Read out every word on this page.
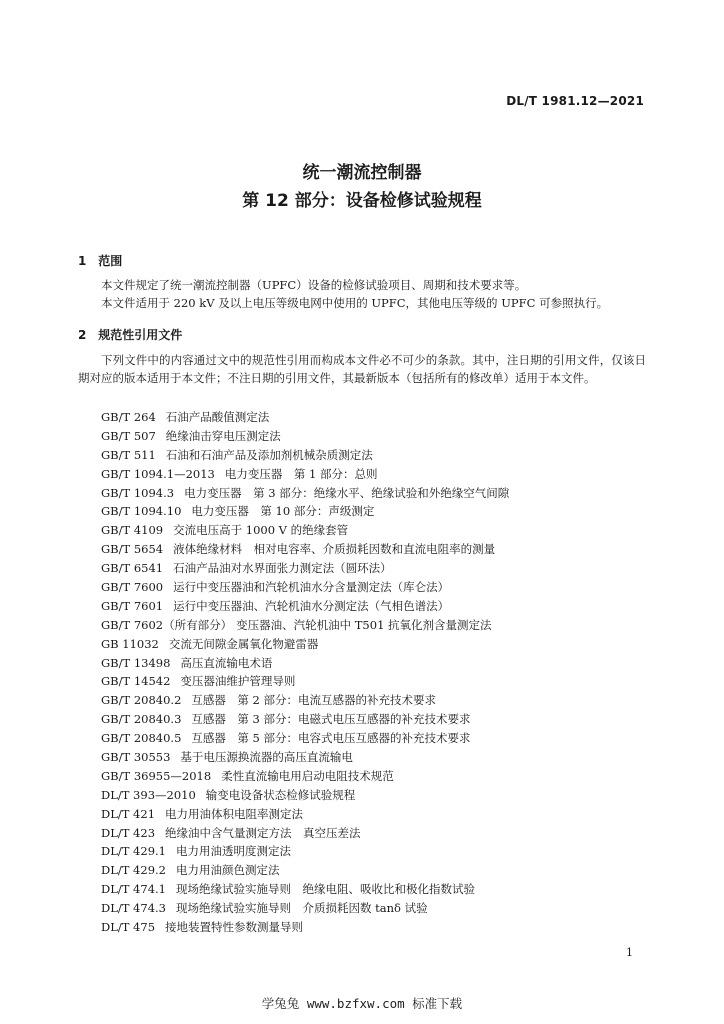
DL/T 1981.12—2021
统一潮流控制器
第 12 部分：设备检修试验规程
1 范围

本文件规定了统一潮流控制器（UPFC）设备的检修试验项目、周期和技术要求等。

本文件适用于 220 kV 及以上电压等级电网中使用的 UPFC，其他电压等级的 UPFC 可参照执行。

2 规范性引用文件

下列文件中的内容通过文中的规范性引用而构成本文件必不可少的条款。其中，注日期的引用文件，仅该日期对应的版本适用于本文件；不注日期的引用文件，其最新版本（包括所有的修改单）适用于本文件。

GB/T 264 石油产品酸值测定法
GB/T 507 绝缘油击穿电压测定法
GB/T 511 石油和石油产品及添加剂机械杂质测定法
GB/T 1094.1—2013 电力变压器　第 1 部分：总则
GB/T 1094.3 电力变压器　第 3 部分：绝缘水平、绝缘试验和外绝缘空气间隙
GB/T 1094.10 电力变压器　第 10 部分：声级测定
GB/T 4109 交流电压高于 1000 V 的绝缘套管
GB/T 5654 液体绝缘材料　相对电容率、介质损耗因数和直流电阻率的测量
GB/T 6541 石油产品油对水界面张力测定法（圆环法）
GB/T 7600 运行中变压器油和汽轮机油水分含量测定法（库仑法）
GB/T 7601 运行中变压器油、汽轮机油水分测定法（气相色谱法）
GB/T 7602（所有部分） 变压器油、汽轮机油中 T501 抗氧化剂含量测定法
GB 11032 交流无间隙金属氧化物避雷器
GB/T 13498 高压直流输电术语
GB/T 14542 变压器油维护管理导则
GB/T 20840.2 互感器　第 2 部分：电流互感器的补充技术要求
GB/T 20840.3 互感器　第 3 部分：电磁式电压互感器的补充技术要求
GB/T 20840.5 互感器　第 5 部分：电容式电压互感器的补充技术要求
GB/T 30553 基于电压源换流器的高压直流输电
GB/T 36955—2018 柔性直流输电用启动电阻技术规范
DL/T 393—2010 输变电设备状态检修试验规程
DL/T 421 电力用油体积电阻率测定法
DL/T 423 绝缘油中含气量测定方法　真空压差法
DL/T 429.1 电力用油透明度测定法
DL/T 429.2 电力用油颜色测定法
DL/T 474.1 现场绝缘试验实施导则　绝缘电阻、吸收比和极化指数试验
DL/T 474.3 现场绝缘试验实施导则　介质损耗因数 tanδ 试验
DL/T 475 接地装置特性参数测量导则
1
学兔兔 www.bzfxw.com 标准下载
